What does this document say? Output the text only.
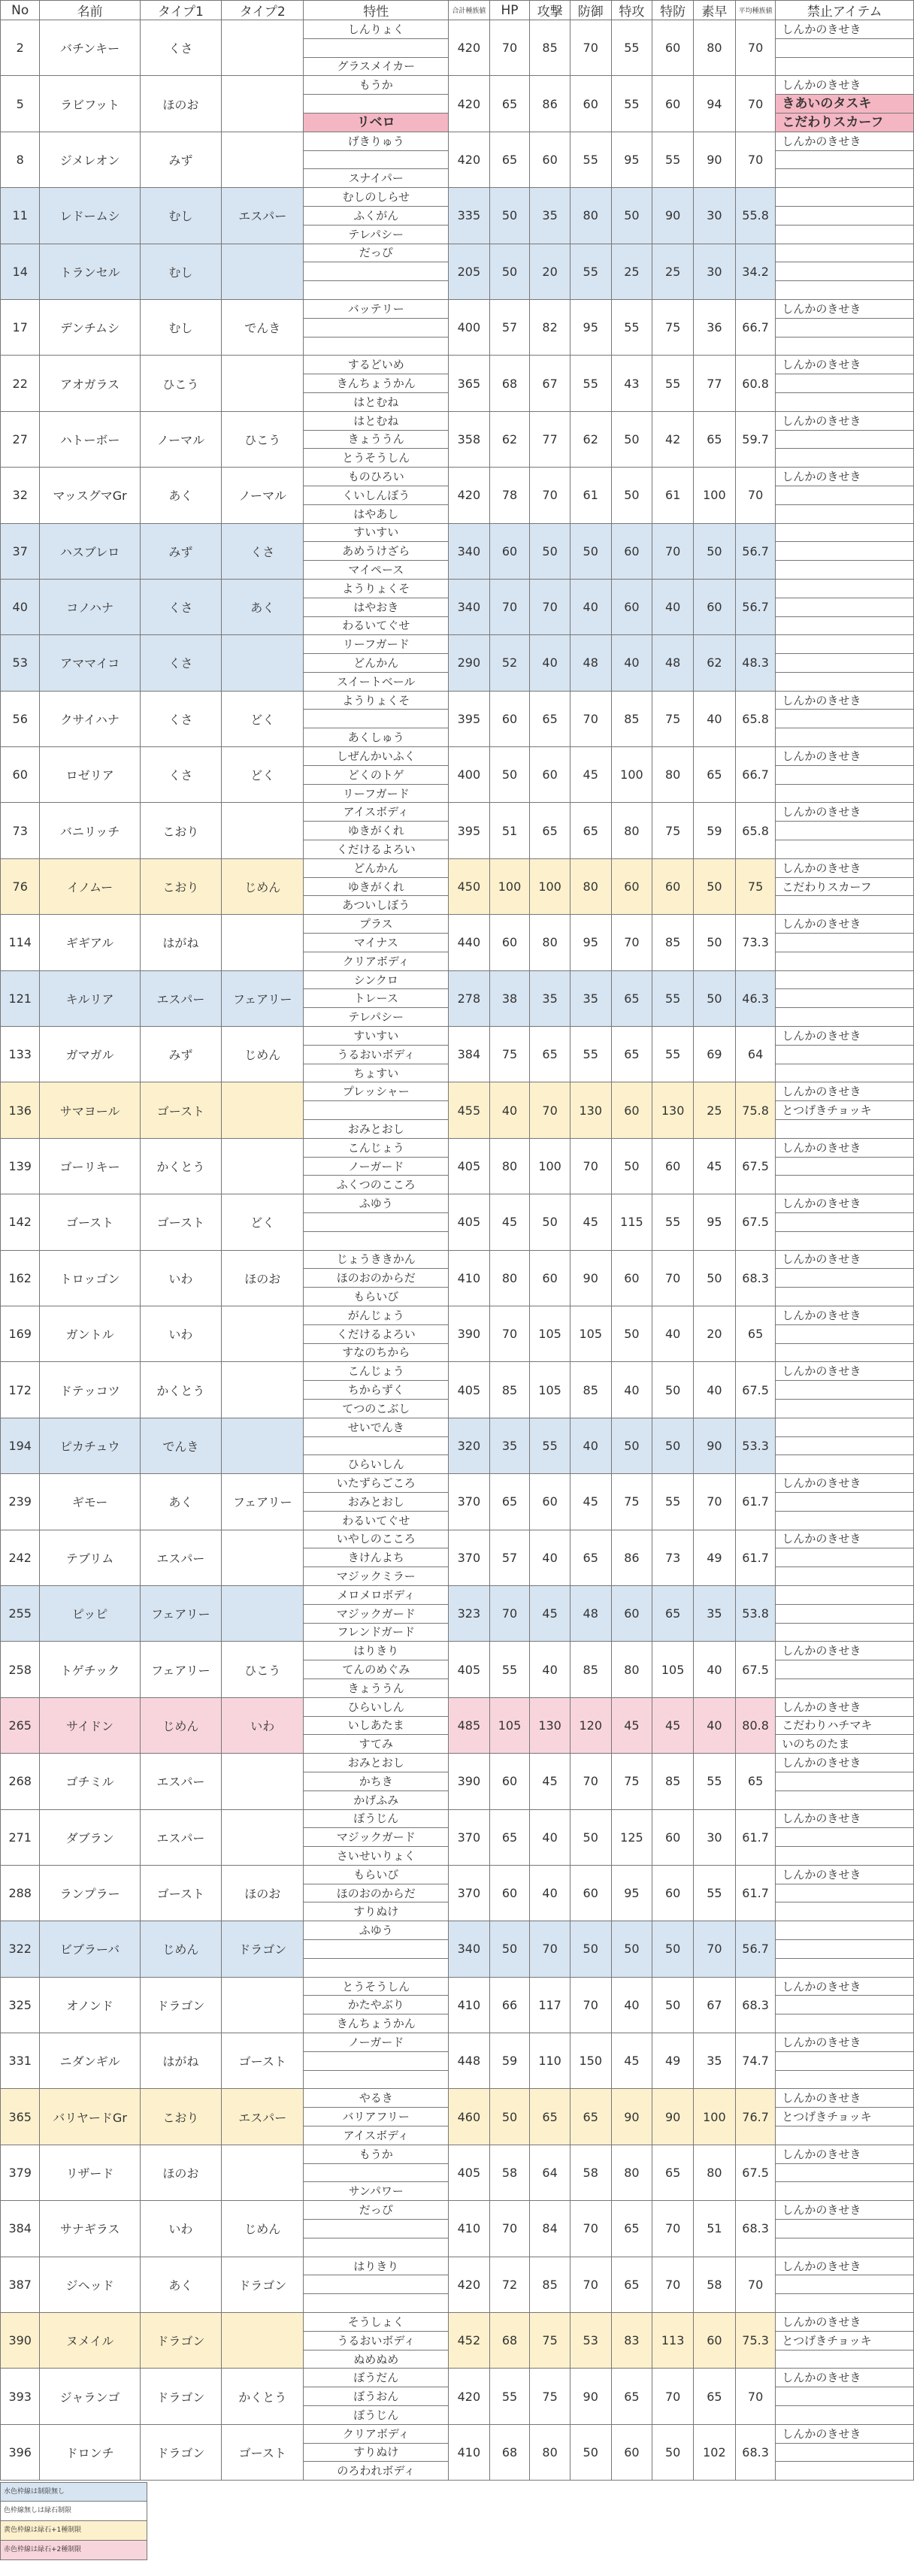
No	名前	タイプ1	タイプ2	特性	合計種族値	HP	攻撃	防御	特攻	特防	素早	平均種族値	禁止アイテム
2	バチンキー	くさ		しんりょく	420	70	85	70	55	60	80	70	しんかのきせき

				グラスメイカー									
5	ラビフット	ほのお		もうか	420	65	86	60	55	60	94	70	しんかのきせき
													きあいのタスキ
				リベロ									こだわりスカーフ
8	ジメレオン	みず		げきりゅう	420	65	60	55	95	55	90	70	しんかのきせき

				スナイパー									
11	レドームシ	むし	エスパー	むしのしらせ	335	50	35	80	50	90	30	55.8	
				ふくがん									
				テレパシー									
14	トランセル	むし		だっぴ	205	50	20	55	25	25	30	34.2	

17	デンチムシ	むし	でんき	バッテリー	400	57	82	95	55	75	36	66.7	しんかのきせき

22	アオガラス	ひこう		するどいめ	365	68	67	55	43	55	77	60.8	しんかのきせき
				きんちょうかん									
				はとむね									
27	ハトーボー	ノーマル	ひこう	はとむね	358	62	77	62	50	42	65	59.7	しんかのきせき
				きょううん									
				とうそうしん									
32	マッスグマGr	あく	ノーマル	ものひろい	420	78	70	61	50	61	100	70	しんかのきせき
				くいしんぼう									
				はやあし									
37	ハスブレロ	みず	くさ	すいすい	340	60	50	50	60	70	50	56.7	
				あめうけざら									
				マイペース									
40	コノハナ	くさ	あく	ようりょくそ	340	70	70	40	60	40	60	56.7	
				はやおき									
				わるいてぐせ									
53	アママイコ	くさ		リーフガード	290	52	40	48	40	48	62	48.3	
				どんかん									
				スイートベール									
56	クサイハナ	くさ	どく	ようりょくそ	395	60	65	70	85	75	40	65.8	しんかのきせき

				あくしゅう									
60	ロゼリア	くさ	どく	しぜんかいふく	400	50	60	45	100	80	65	66.7	しんかのきせき
				どくのトゲ									
				リーフガード									
73	バニリッチ	こおり		アイスボディ	395	51	65	65	80	75	59	65.8	しんかのきせき
				ゆきがくれ									
				くだけるよろい									
76	イノムー	こおり	じめん	どんかん	450	100	100	80	60	60	50	75	しんかのきせき
				ゆきがくれ									こだわりスカーフ
				あついしぼう									
114	ギギアル	はがね		プラス	440	60	80	95	70	85	50	73.3	しんかのきせき
				マイナス									
				クリアボディ									
121	キルリア	エスパー	フェアリー	シンクロ	278	38	35	35	65	55	50	46.3	
				トレース									
				テレパシー									
133	ガマガル	みず	じめん	すいすい	384	75	65	55	65	55	69	64	しんかのきせき
				うるおいボディ									
				ちょすい									
136	サマヨール	ゴースト		プレッシャー	455	40	70	130	60	130	25	75.8	しんかのきせき
													とつげきチョッキ
				おみとおし									
139	ゴーリキー	かくとう		こんじょう	405	80	100	70	50	60	45	67.5	しんかのきせき
				ノーガード									
				ふくつのこころ									
142	ゴースト	ゴースト	どく	ふゆう	405	45	50	45	115	55	95	67.5	しんかのきせき

162	トロッゴン	いわ	ほのお	じょうききかん	410	80	60	90	60	70	50	68.3	しんかのきせき
				ほのおのからだ									
				もらいび									
169	ガントル	いわ		がんじょう	390	70	105	105	50	40	20	65	しんかのきせき
				くだけるよろい									
				すなのちから									
172	ドテッコツ	かくとう		こんじょう	405	85	105	85	40	50	40	67.5	しんかのきせき
				ちからずく									
				てつのこぶし									
194	ピカチュウ	でんき		せいでんき	320	35	55	40	50	50	90	53.3	

				ひらいしん									
239	ギモー	あく	フェアリー	いたずらごころ	370	65	60	45	75	55	70	61.7	しんかのきせき
				おみとおし									
				わるいてぐせ									
242	テブリム	エスパー		いやしのこころ	370	57	40	65	86	73	49	61.7	しんかのきせき
				きけんよち									
				マジックミラー									
255	ピッピ	フェアリー		メロメロボディ	323	70	45	48	60	65	35	53.8	
				マジックガード									
				フレンドガード									
258	トゲチック	フェアリー	ひこう	はりきり	405	55	40	85	80	105	40	67.5	しんかのきせき
				てんのめぐみ									
				きょううん									
265	サイドン	じめん	いわ	ひらいしん	485	105	130	120	45	45	40	80.8	しんかのきせき
				いしあたま									こだわりハチマキ
				すてみ									いのちのたま
268	ゴチミル	エスパー		おみとおし	390	60	45	70	75	85	55	65	しんかのきせき
				かちき									
				かげふみ									
271	ダブラン	エスパー		ぼうじん	370	65	40	50	125	60	30	61.7	しんかのきせき
				マジックガード									
				さいせいりょく									
288	ランプラー	ゴースト	ほのお	もらいび	370	60	40	60	95	60	55	61.7	しんかのきせき
				ほのおのからだ									
				すりぬけ									
322	ビブラーバ	じめん	ドラゴン	ふゆう	340	50	70	50	50	50	70	56.7	

325	オノンド	ドラゴン		とうそうしん	410	66	117	70	40	50	67	68.3	しんかのきせき
				かたやぶり									
				きんちょうかん									
331	ニダンギル	はがね	ゴースト	ノーガード	448	59	110	150	45	49	35	74.7	しんかのきせき

365	バリヤードGr	こおり	エスパー	やるき	460	50	65	65	90	90	100	76.7	しんかのきせき
				バリアフリー									とつげきチョッキ
				アイスボディ									
379	リザード	ほのお		もうか	405	58	64	58	80	65	80	67.5	しんかのきせき

				サンパワー									
384	サナギラス	いわ	じめん	だっぴ	410	70	84	70	65	70	51	68.3	しんかのきせき

387	ジヘッド	あく	ドラゴン	はりきり	420	72	85	70	65	70	58	70	しんかのきせき

390	ヌメイル	ドラゴン		そうしょく	452	68	75	53	83	113	60	75.3	しんかのきせき
				うるおいボディ									とつげきチョッキ
				ぬめぬめ									
393	ジャランゴ	ドラゴン	かくとう	ぼうだん	420	55	75	90	65	70	65	70	しんかのきせき
				ぼうおん									
				ぼうじん									
396	ドロンチ	ドラゴン	ゴースト	クリアボディ	410	68	80	50	60	50	102	68.3	しんかのきせき
				すりぬけ									
				のろわれボディ									
水色枠線は制限無し
色枠線無しは緑石制限
黄色枠線は緑石+1種制限
赤色枠線は緑石+2種制限
